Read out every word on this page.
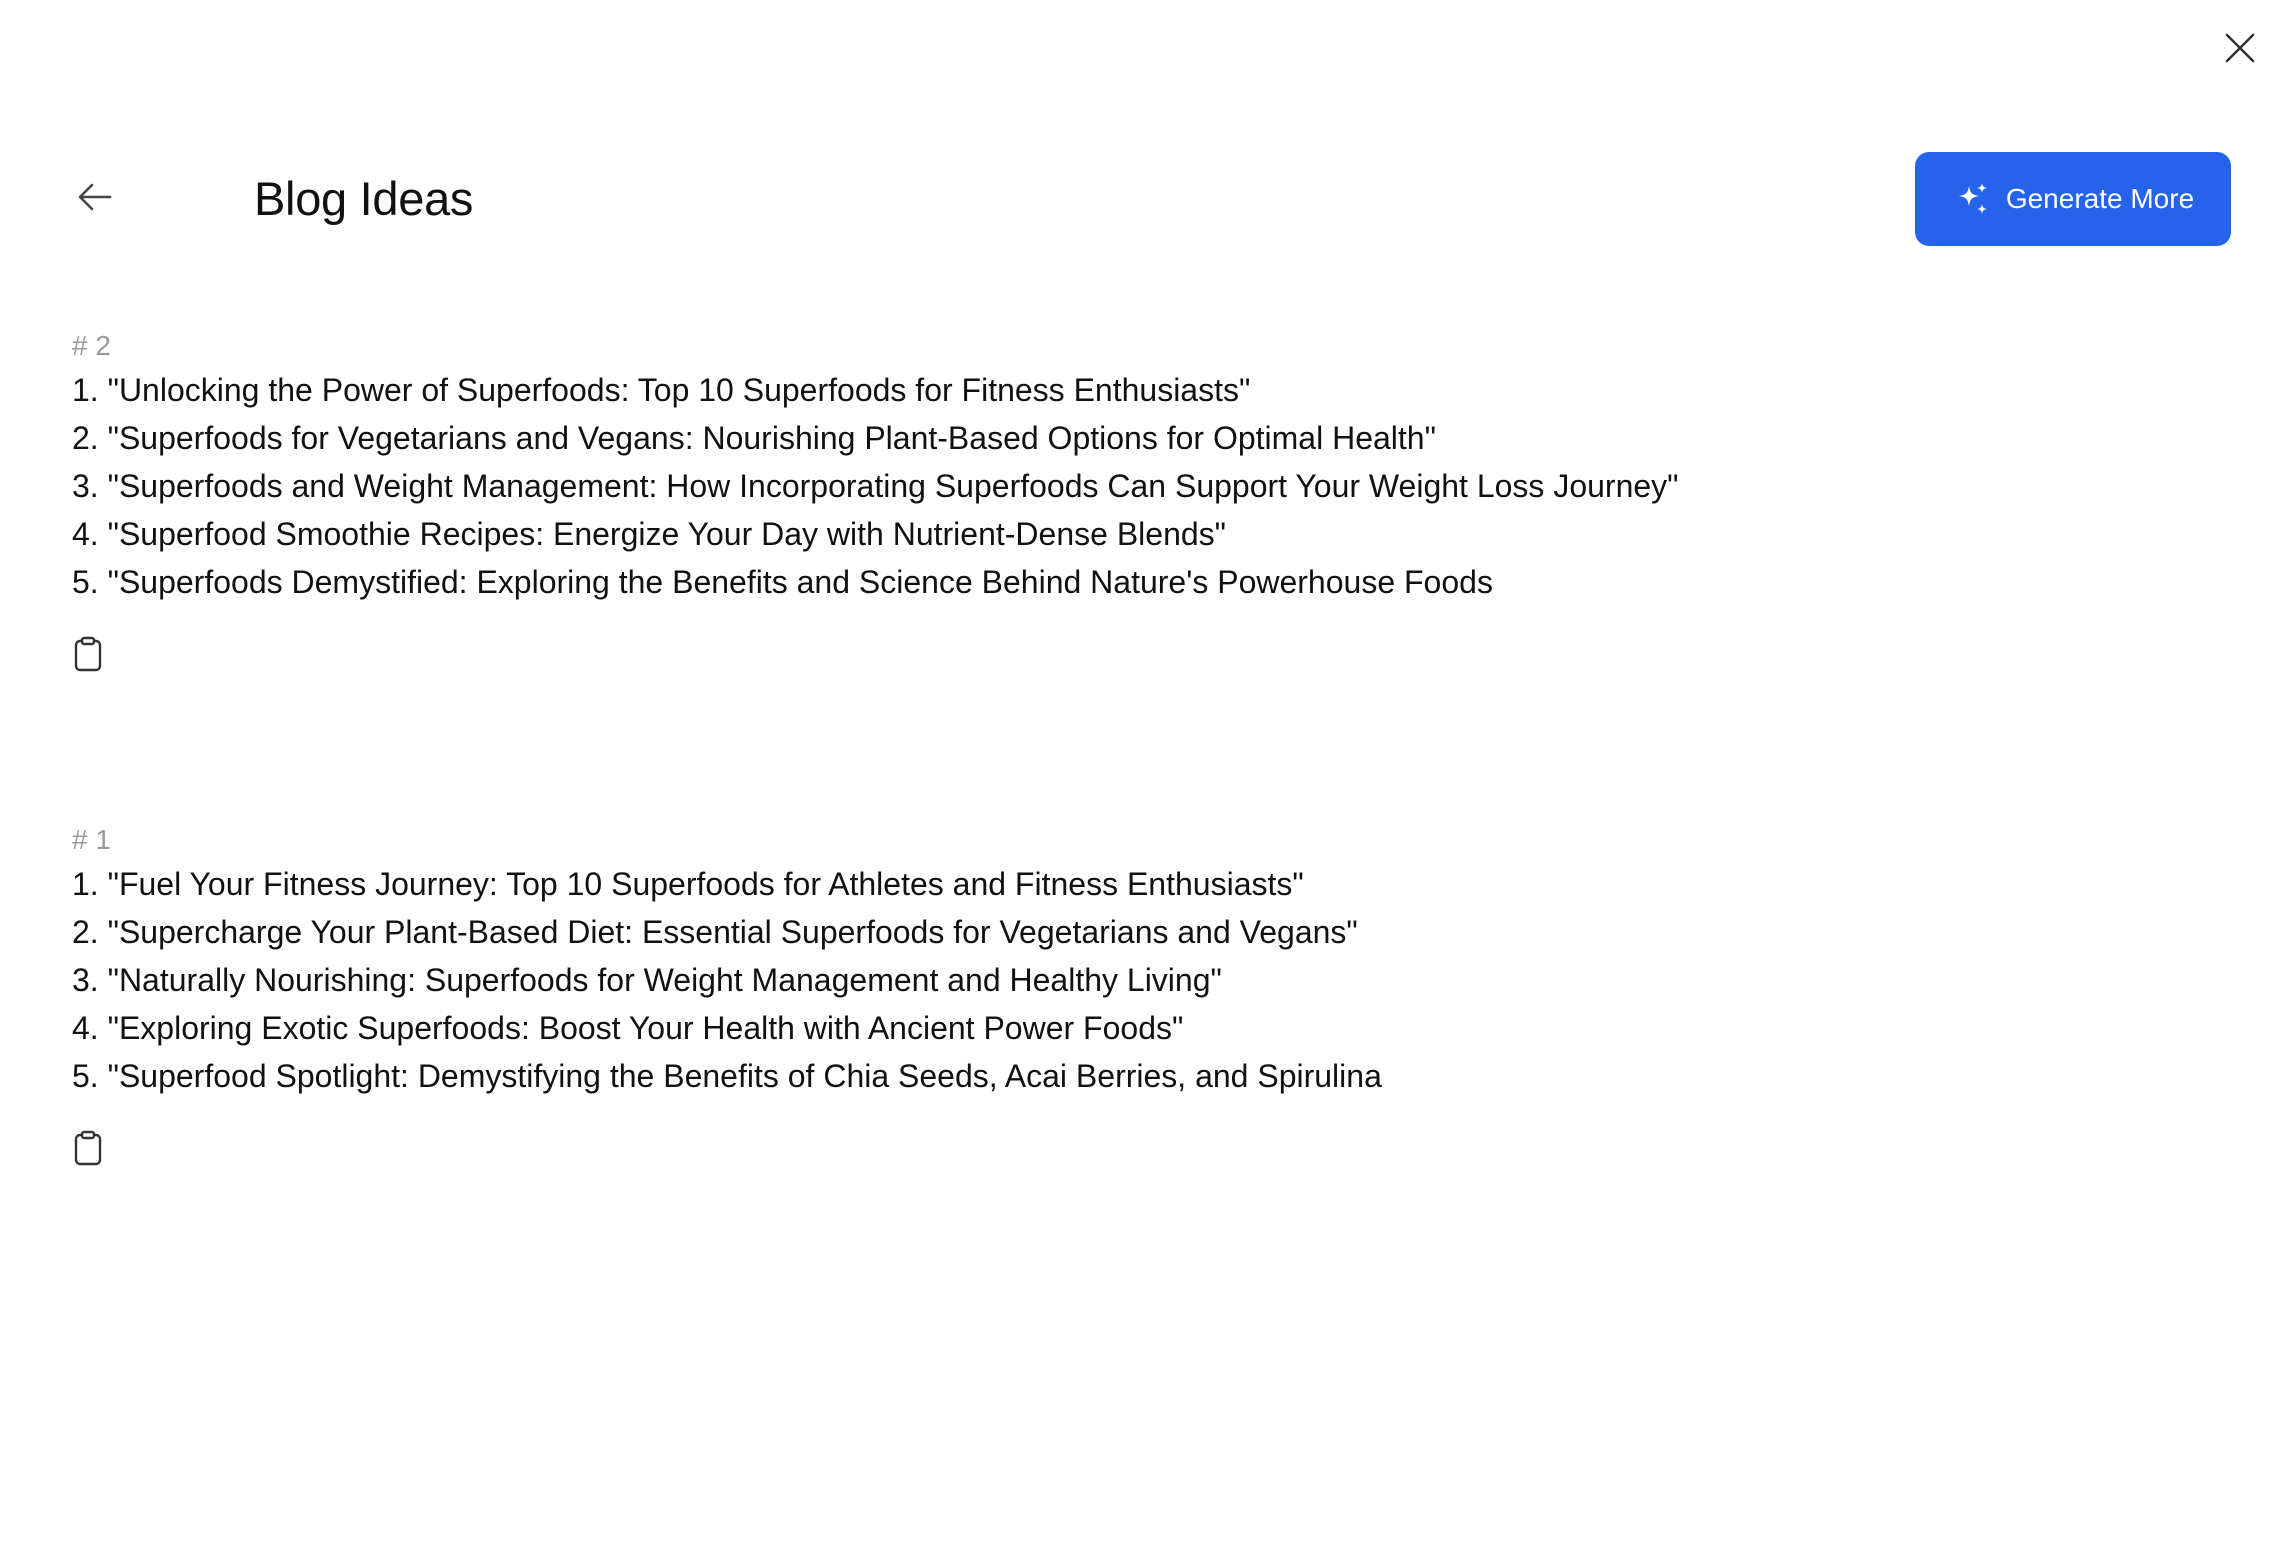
Blog Ideas	Generate More
# 2
1. "Unlocking the Power of Superfoods: Top 10 Superfoods for Fitness Enthusiasts"
2. "Superfoods for Vegetarians and Vegans: Nourishing Plant-Based Options for Optimal Health"
3. "Superfoods and Weight Management: How Incorporating Superfoods Can Support Your Weight Loss Journey"
4. "Superfood Smoothie Recipes: Energize Your Day with Nutrient-Dense Blends"
5. "Superfoods Demystified: Exploring the Benefits and Science Behind Nature's Powerhouse Foods
# 1
1. "Fuel Your Fitness Journey: Top 10 Superfoods for Athletes and Fitness Enthusiasts"
2. "Supercharge Your Plant-Based Diet: Essential Superfoods for Vegetarians and Vegans"
3. "Naturally Nourishing: Superfoods for Weight Management and Healthy Living"
4. "Exploring Exotic Superfoods: Boost Your Health with Ancient Power Foods"
5. "Superfood Spotlight: Demystifying the Benefits of Chia Seeds, Acai Berries, and Spirulina
